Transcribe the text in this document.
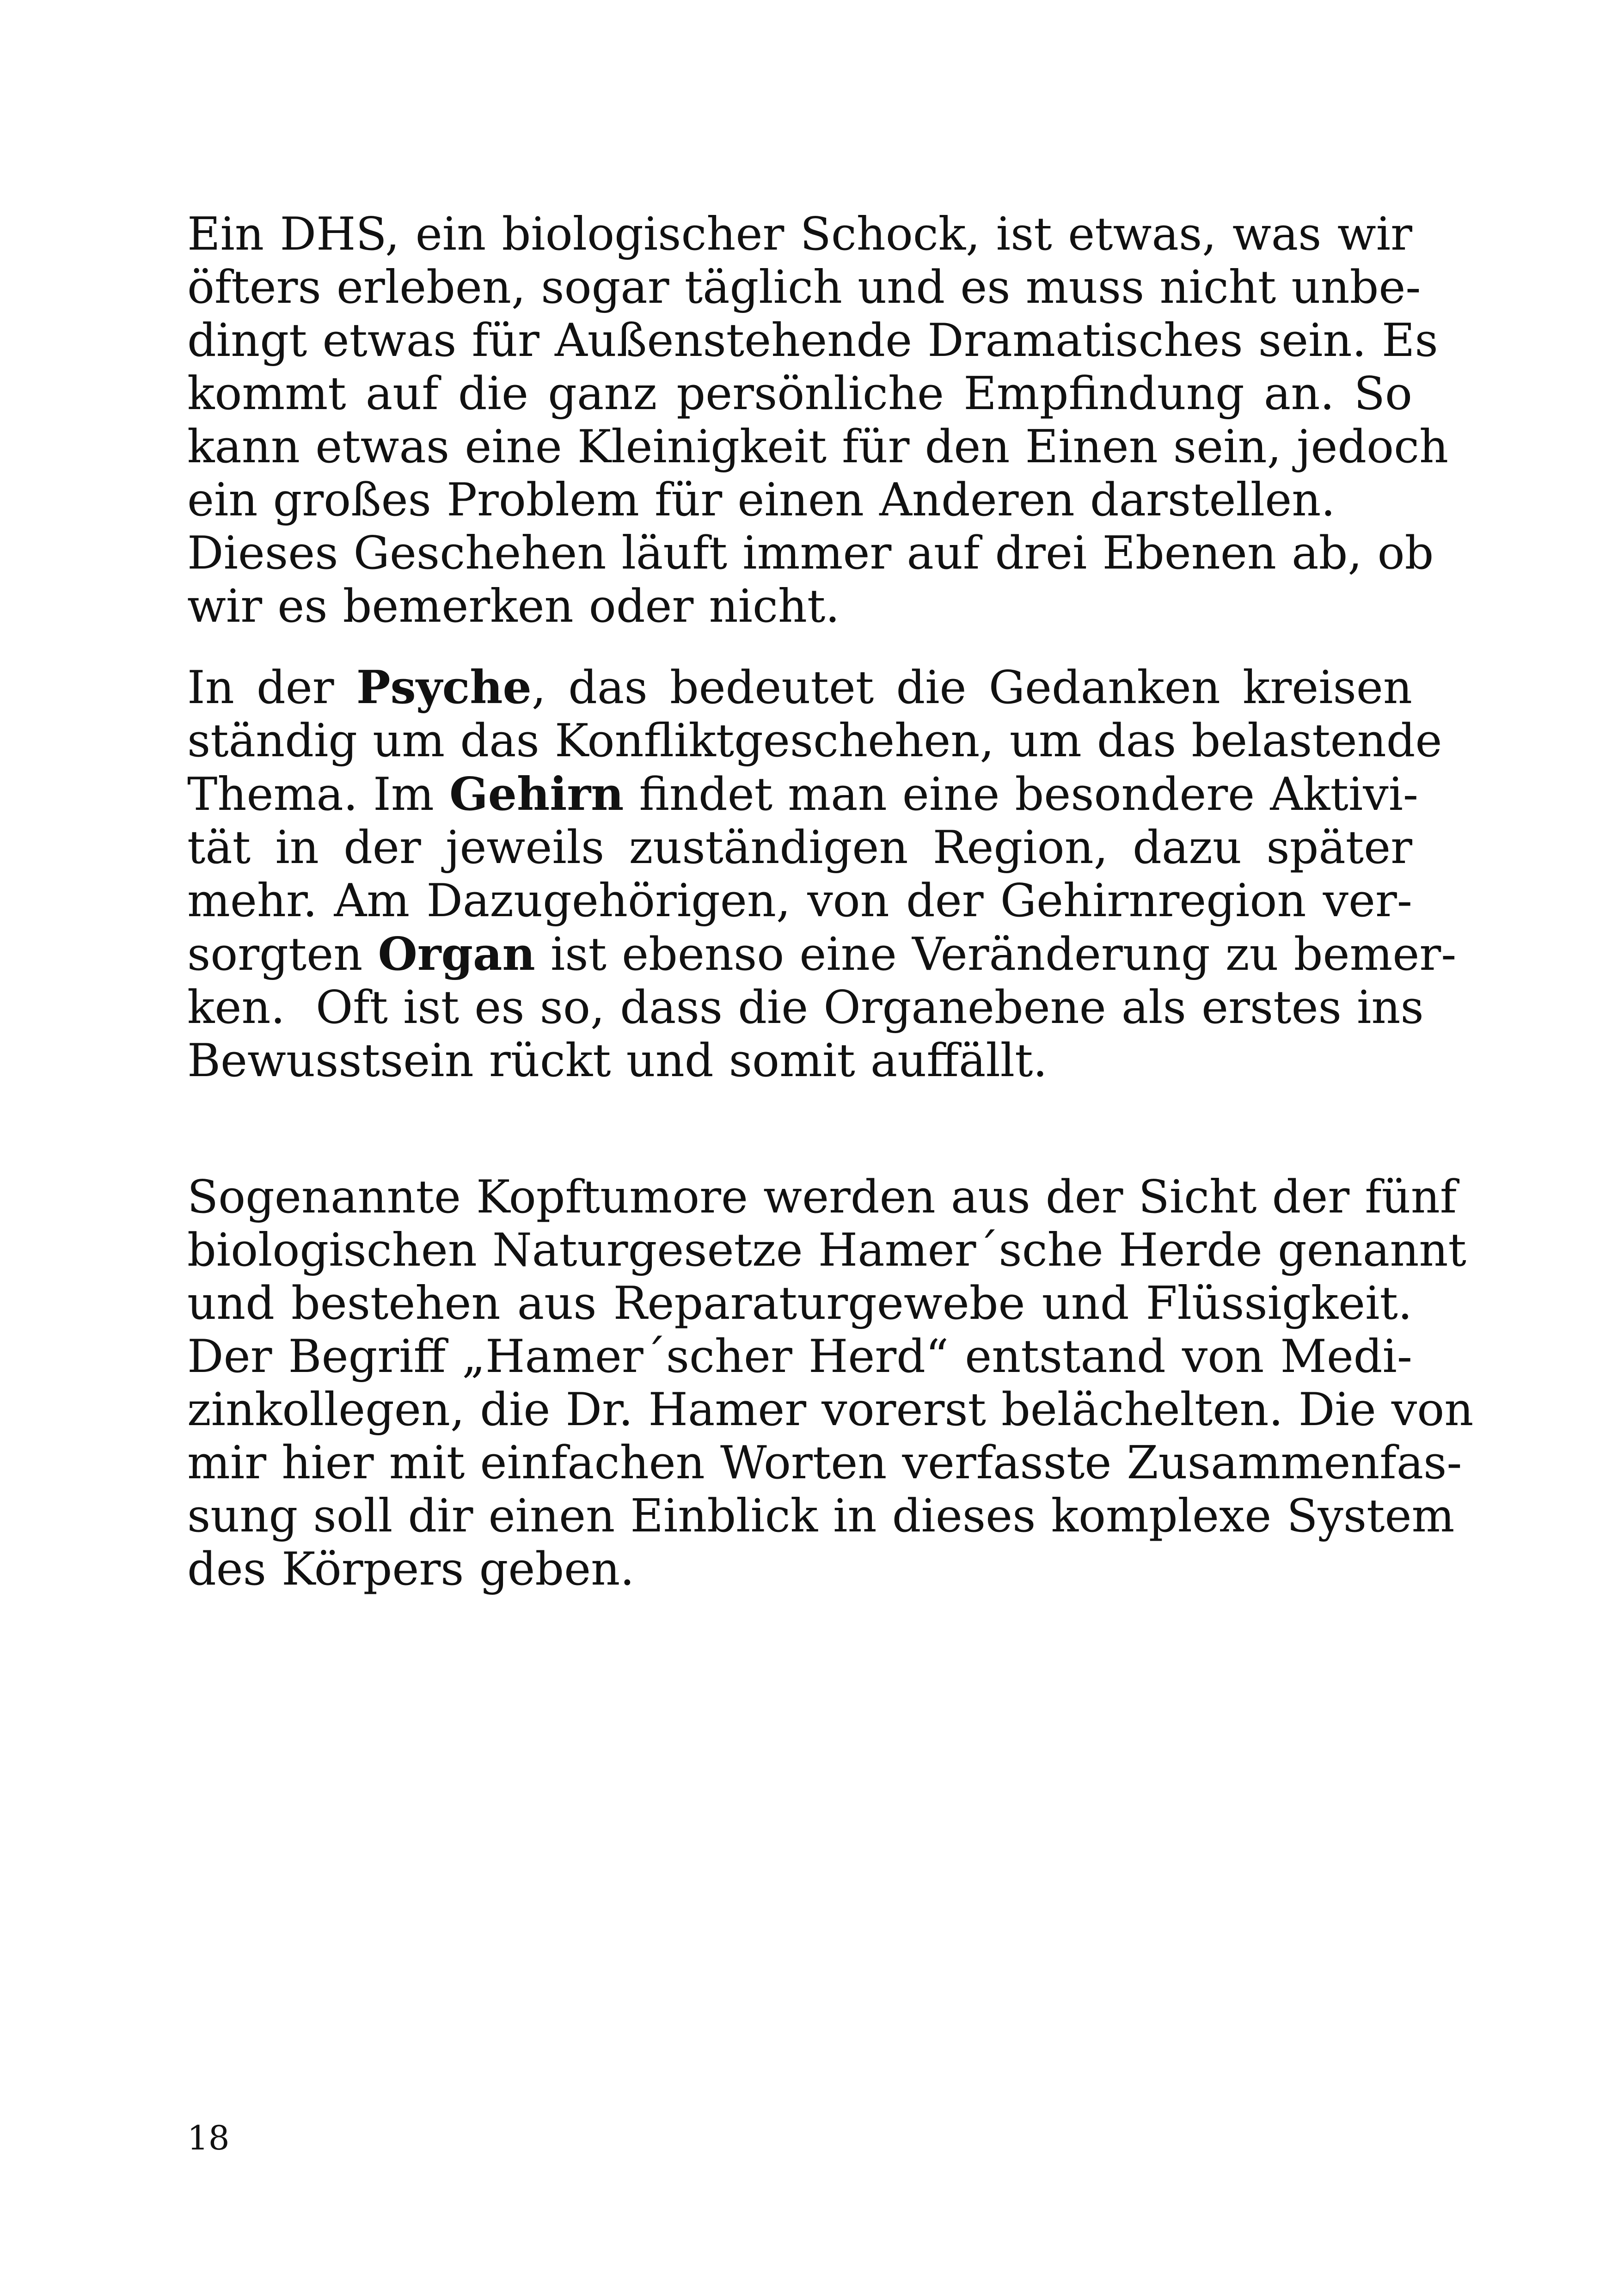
Ein DHS, ein biologischer Schock, ist etwas, was wir
öfters erleben, sogar täglich und es muss nicht unbe-
dingt etwas für Außenstehende Dramatisches sein. Es
kommt auf die ganz persönliche Empfindung an. So
kann etwas eine Kleinigkeit für den Einen sein, jedoch
ein großes Problem für einen Anderen darstellen.

Dieses Geschehen läuft immer auf drei Ebenen ab, ob
wir es bemerken oder nicht.

In der Psyche, das bedeutet die Gedanken kreisen
ständig um das Konfliktgeschehen, um das belastende
Thema. Im Gehirn findet man eine besondere Aktivi-
tät in der jeweils zuständigen Region, dazu später
mehr. Am Dazugehörigen, von der Gehirnregion ver-
sorgten Organ ist ebenso eine Veränderung zu bemer-
ken.  Oft ist es so, dass die Organebene als erstes ins
Bewusstsein rückt und somit auffällt.

Sogenannte Kopftumore werden aus der Sicht der fünf
biologischen Naturgesetze Hamer´sche Herde genannt
und bestehen aus Reparaturgewebe und Flüssigkeit.
Der Begriff „Hamer´scher Herd“ entstand von Medi-
zinkollegen, die Dr. Hamer vorerst belächelten. Die von
mir hier mit einfachen Worten verfasste Zusammenfas-
sung soll dir einen Einblick in dieses komplexe System
des Körpers geben.

18
